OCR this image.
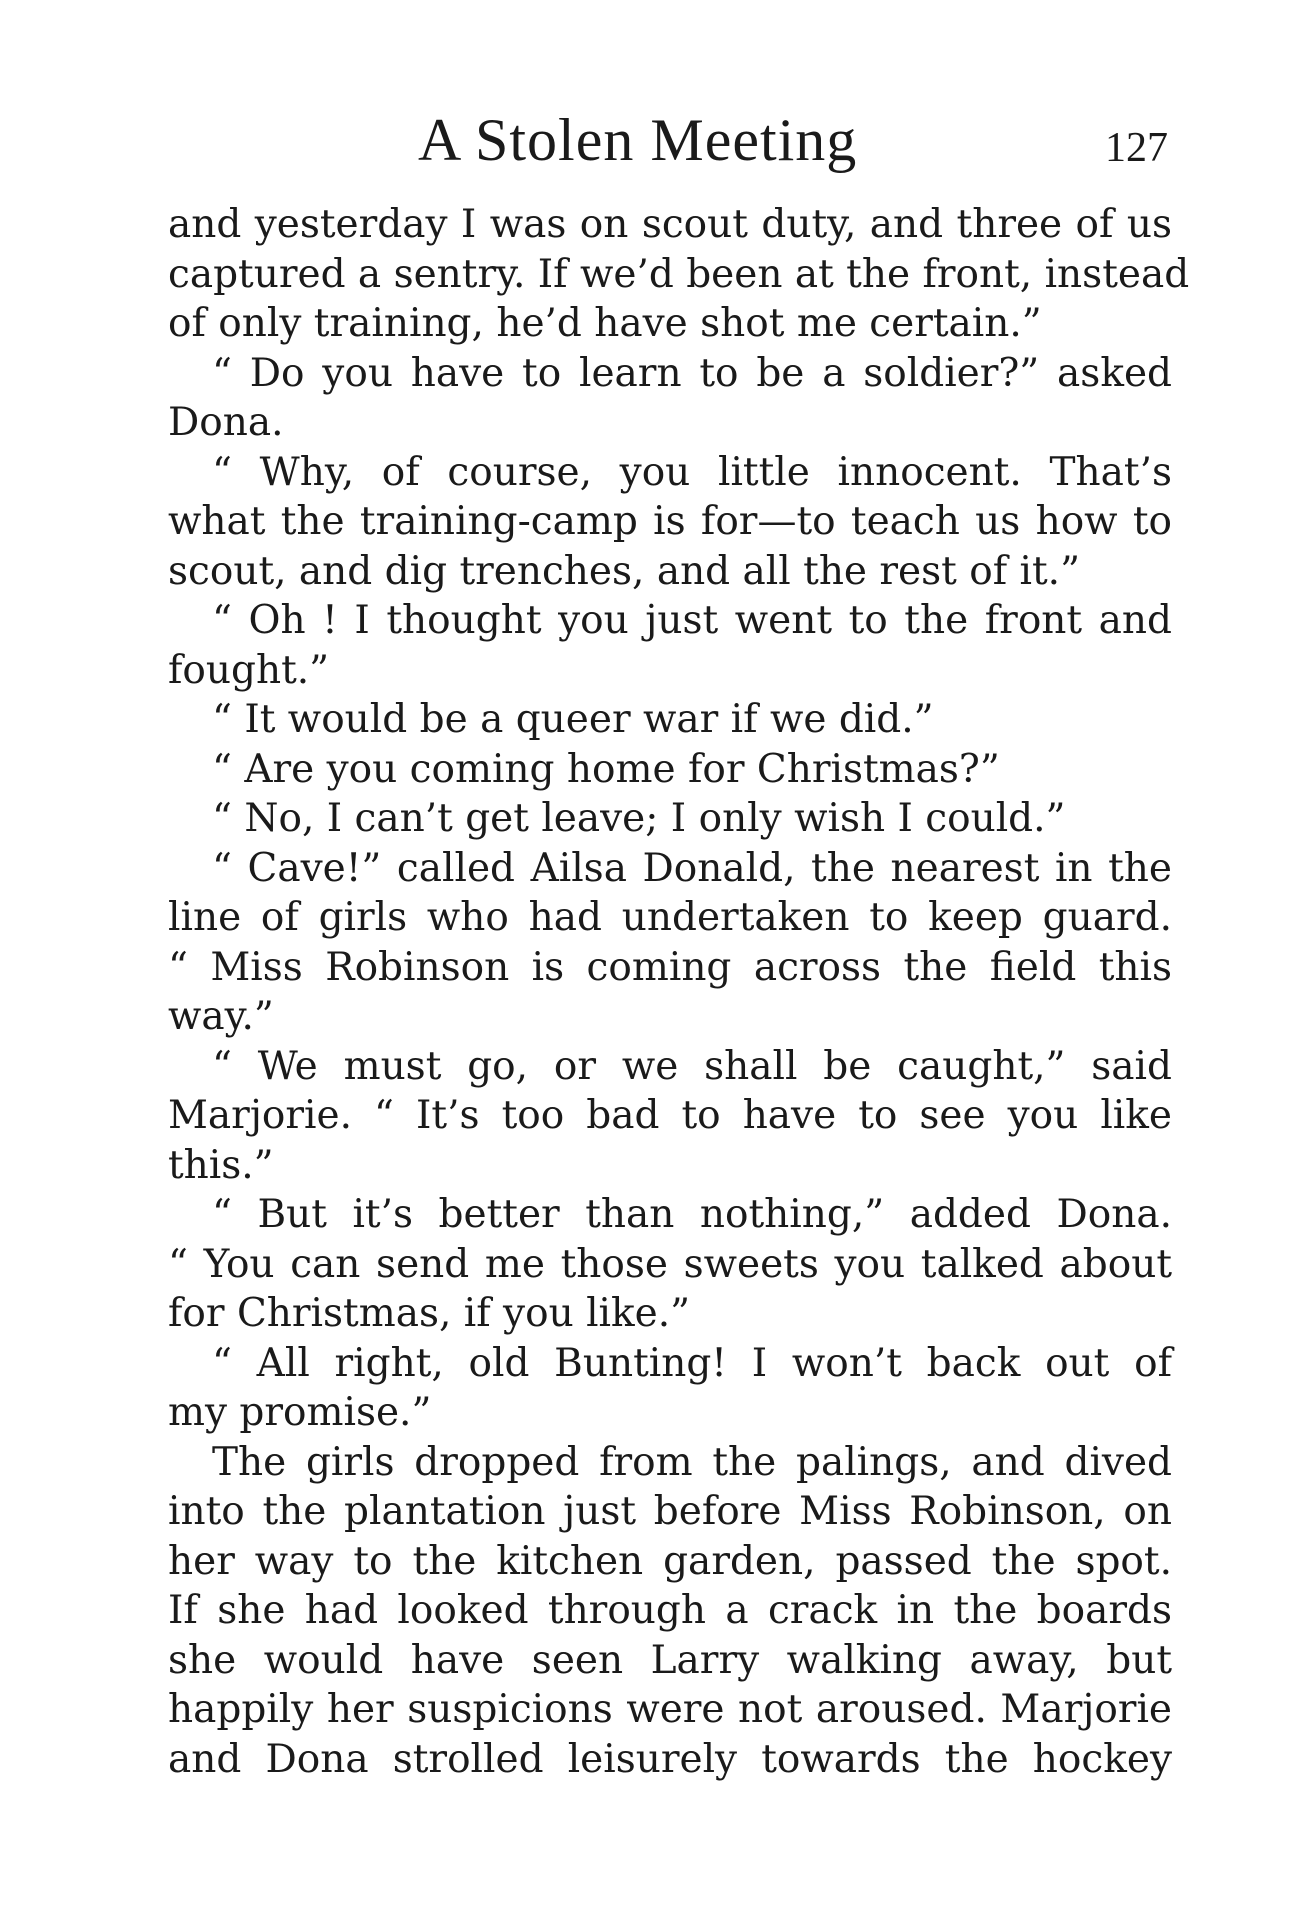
A Stolen Meeting	127
and yesterday I was on scout duty, and three of us
captured a sentry. If we’d been at the front, instead
of only training, he’d have shot me certain.”
“ Do you have to learn to be a soldier?” asked
Dona.
“ Why, of course, you little innocent. That’s
what the training-camp is for—to teach us how to
scout, and dig trenches, and all the rest of it.”
“ Oh ! I thought you just went to the front and
fought.”
“ It would be a queer war if we did.”
“ Are you coming home for Christmas?”
“ No, I can’t get leave; I only wish I could.”
“ Cave!” called Ailsa Donald, the nearest in the
line of girls who had undertaken to keep guard.
“ Miss Robinson is coming across the field this
way.”
“ We must go, or we shall be caught,” said
Marjorie. “ It’s too bad to have to see you like
this.”
“ But it’s better than nothing,” added Dona.
“ You can send me those sweets you talked about
for Christmas, if you like.”
“ All right, old Bunting! I won’t back out of
my promise.”
The girls dropped from the palings, and dived
into the plantation just before Miss Robinson, on
her way to the kitchen garden, passed the spot.
If she had looked through a crack in the boards
she would have seen Larry walking away, but
happily her suspicions were not aroused. Marjorie
and Dona strolled leisurely towards the hockey
